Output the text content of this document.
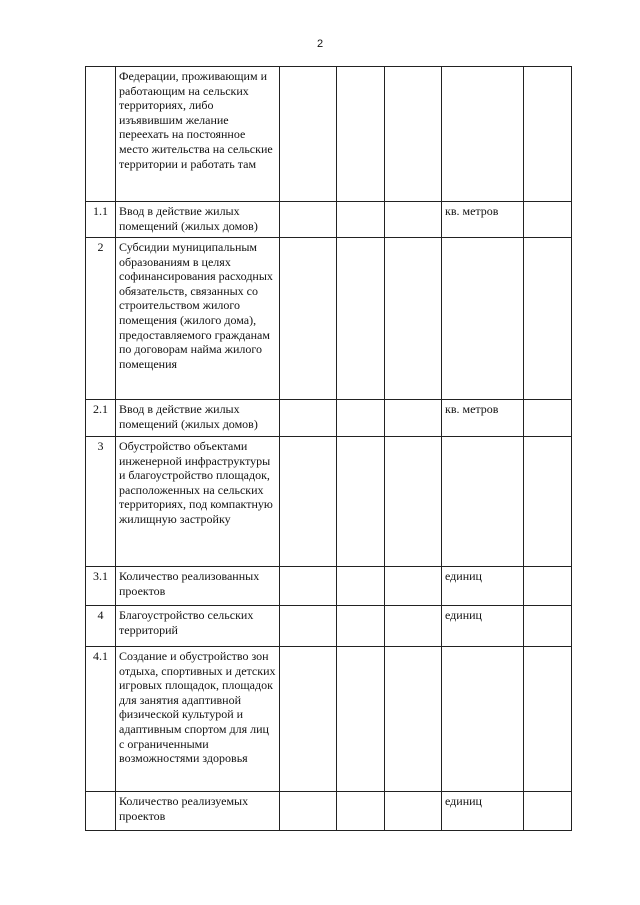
2
	Федерации, проживающим и работающим на сельских территориях, либо изъявившим желание переехать на постоянное место жительства на сельские территории и работать там					
1.1	Ввод в действие жилых помещений (жилых домов)				кв. метров	
2	Субсидии муниципальным образованиям в целях софинансирования расходных обязательств, связанных со строительством жилого помещения (жилого дома), предоставляемого гражданам по договорам найма жилого помещения					
2.1	Ввод в действие жилых помещений (жилых домов)				кв. метров	
3	Обустройство объектами инженерной инфраструктуры и благоустройство площадок, расположенных на сельских территориях, под компактную жилищную застройку					
3.1	Количество реализованных проектов				единиц	
4	Благоустройство сельских территорий				единиц	
4.1	Создание и обустройство зон отдыха, спортивных и детских игровых площадок, площадок для занятия адаптивной физической культурой и адаптивным спортом для лиц с ограниченными возможностями здоровья					
	Количество реализуемых проектов				единиц	
